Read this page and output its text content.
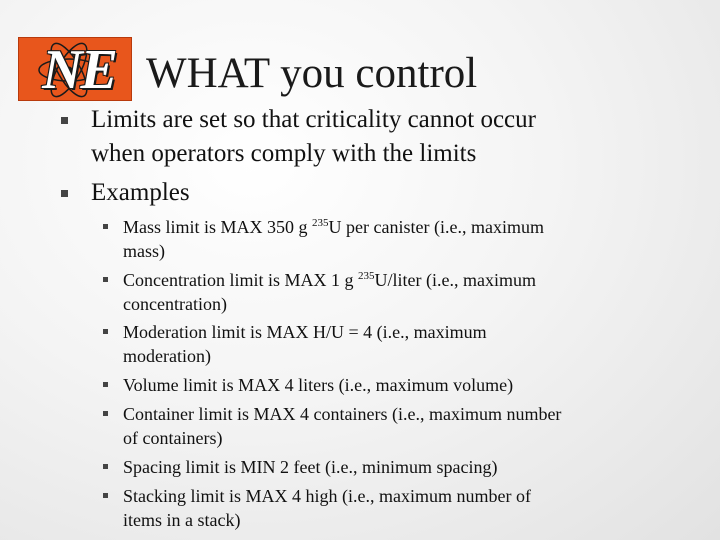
NE WHAT you control
Limits are set so that criticality cannot occur
when operators comply with the limits
Examples
Mass limit is MAX 350 g $^{235}$U per canister (i.e., maximum
mass)
Concentration limit is MAX 1 g $^{235}$U/liter (i.e., maximum
concentration)
Moderation limit is MAX H/U = 4 (i.e., maximum
moderation)
Volume limit is MAX 4 liters (i.e., maximum volume)
Container limit is MAX 4 containers (i.e., maximum number
of containers)
Spacing limit is MIN 2 feet (i.e., minimum spacing)
Stacking limit is MAX 4 high (i.e., maximum number of
items in a stack)
